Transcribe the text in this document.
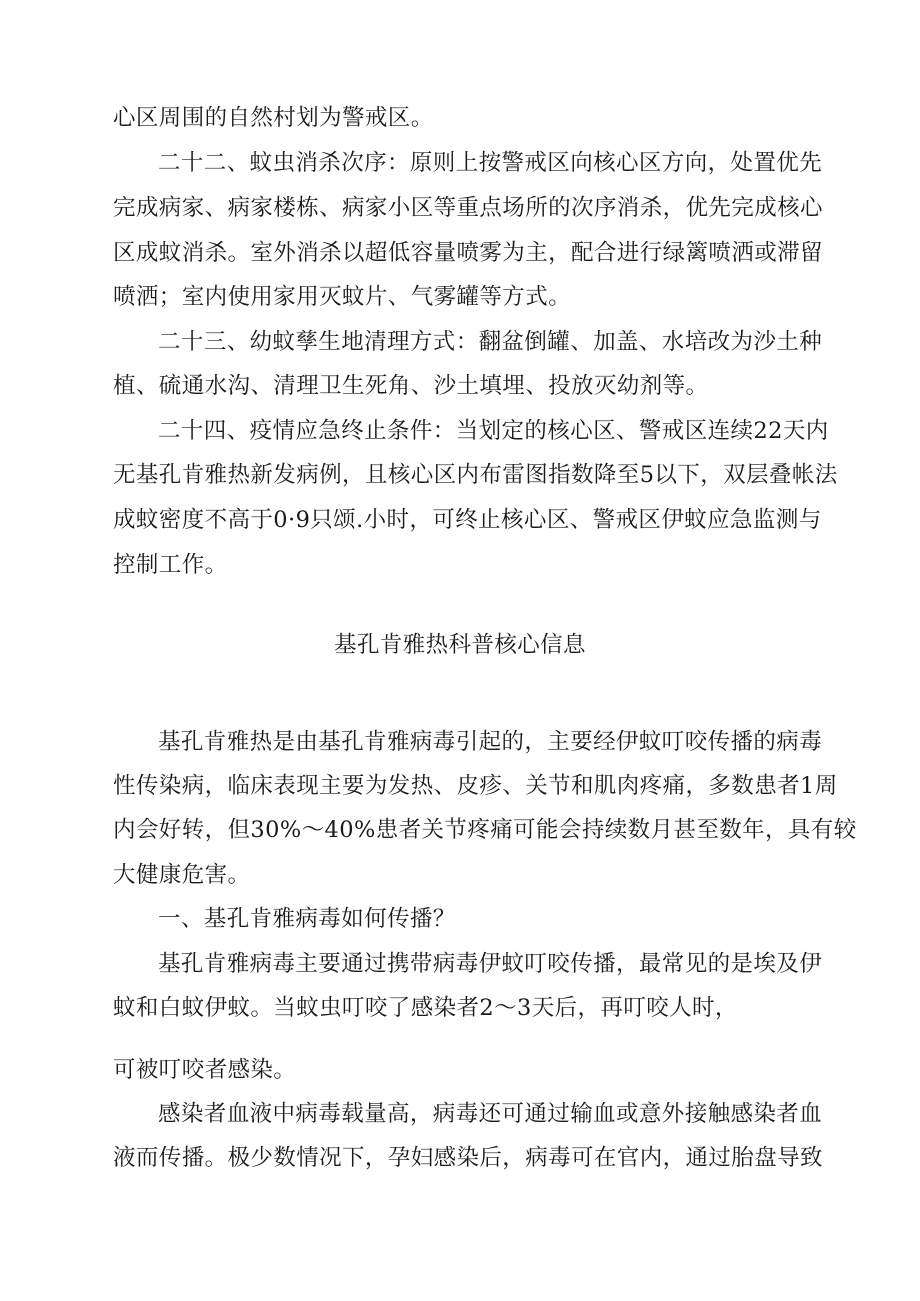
心区周围的自然村划为警戒区。
二十二、蚊虫消杀次序：原则上按警戒区向核心区方向，处置优先
完成病家、病家楼栋、病家小区等重点场所的次序消杀，优先完成核心
区成蚊消杀。室外消杀以超低容量喷雾为主，配合进行绿篱喷洒或滞留
喷洒；室内使用家用灭蚊片、气雾罐等方式。
二十三、幼蚊孳生地清理方式：翻盆倒罐、加盖、水培改为沙土种
植、硫通水沟、清理卫生死角、沙土填埋、投放灭幼剂等。
二十四、疫情应急终止条件：当划定的核心区、警戒区连续22天内
无基孔肯雅热新发病例，且核心区内布雷图指数降至5以下，双层叠帐法
成蚊密度不高于0·9只颂.小时，可终止核心区、警戒区伊蚊应急监测与
控制工作。
基孔肯雅热科普核心信息
基孔肯雅热是由基孔肯雅病毒引起的，主要经伊蚊叮咬传播的病毒
性传染病，临床表现主要为发热、皮疹、关节和肌肉疼痛，多数患者1周
内会好转，但30%～40%患者关节疼痛可能会持续数月甚至数年，具有较
大健康危害。
一、基孔肯雅病毒如何传播？
基孔肯雅病毒主要通过携带病毒伊蚊叮咬传播，最常见的是埃及伊
蚊和白蚊伊蚊。当蚊虫叮咬了感染者2～3天后，再叮咬人时，
可被叮咬者感染。
感染者血液中病毒载量高，病毒还可通过输血或意外接触感染者血
液而传播。极少数情况下，孕妇感染后，病毒可在官内，通过胎盘导致
